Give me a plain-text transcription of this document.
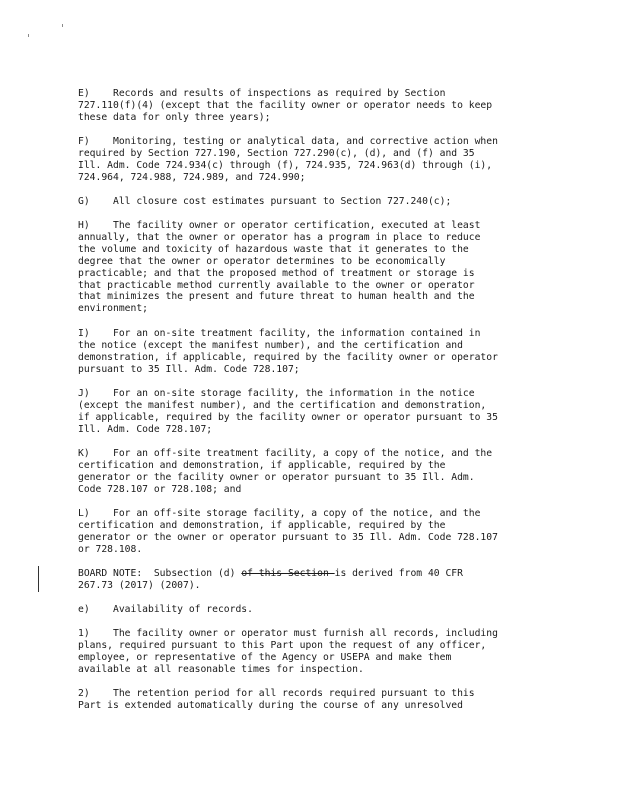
E)    Records and results of inspections as required by Section
727.110(f)(4) (except that the facility owner or operator needs to keep
these data for only three years);
F)    Monitoring, testing or analytical data, and corrective action when
required by Section 727.190, Section 727.290(c), (d), and (f) and 35
Ill. Adm. Code 724.934(c) through (f), 724.935, 724.963(d) through (i),
724.964, 724.988, 724.989, and 724.990;
G)    All closure cost estimates pursuant to Section 727.240(c);
H)    The facility owner or operator certification, executed at least
annually, that the owner or operator has a program in place to reduce
the volume and toxicity of hazardous waste that it generates to the
degree that the owner or operator determines to be economically
practicable; and that the proposed method of treatment or storage is
that practicable method currently available to the owner or operator
that minimizes the present and future threat to human health and the
environment;
I)    For an on-site treatment facility, the information contained in
the notice (except the manifest number), and the certification and
demonstration, if applicable, required by the facility owner or operator
pursuant to 35 Ill. Adm. Code 728.107;
J)    For an on-site storage facility, the information in the notice
(except the manifest number), and the certification and demonstration,
if applicable, required by the facility owner or operator pursuant to 35
Ill. Adm. Code 728.107;
K)    For an off-site treatment facility, a copy of the notice, and the
certification and demonstration, if applicable, required by the
generator or the facility owner or operator pursuant to 35 Ill. Adm.
Code 728.107 or 728.108; and
L)    For an off-site storage facility, a copy of the notice, and the
certification and demonstration, if applicable, required by the
generator or the owner or operator pursuant to 35 Ill. Adm. Code 728.107
or 728.108.
BOARD NOTE:  Subsection (d) of this Section is derived from 40 CFR
267.73 (2017) (2007).
e)    Availability of records.
1)    The facility owner or operator must furnish all records, including
plans, required pursuant to this Part upon the request of any officer,
employee, or representative of the Agency or USEPA and make them
available at all reasonable times for inspection.
2)    The retention period for all records required pursuant to this
Part is extended automatically during the course of any unresolved
